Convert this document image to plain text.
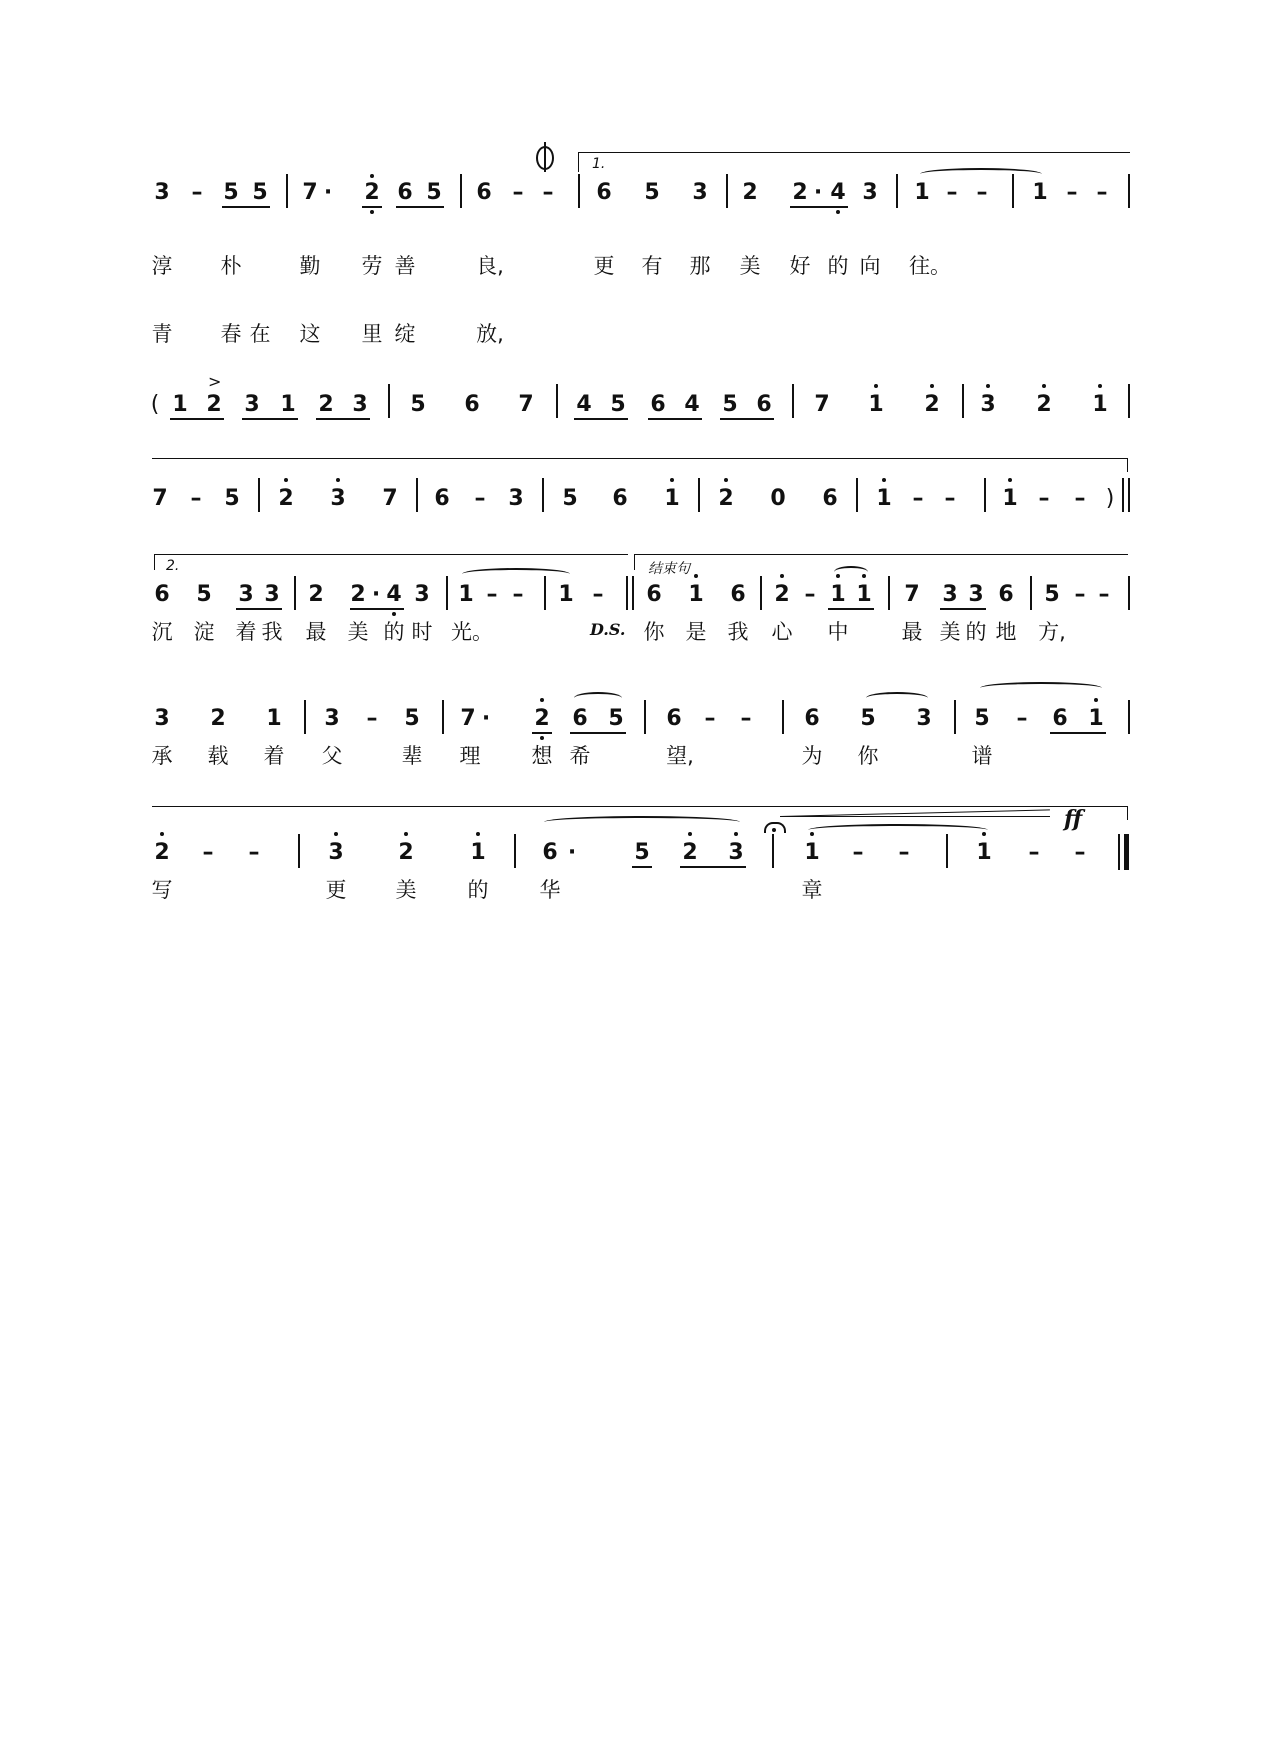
1.
3 – 5 5 7 · 2 6 5 6 – – 6 5 3 2 2 · 4 3 1 – – 1 – –
淳 朴	勤 劳 善	良,	更 有 那 美 好 的 向 往。
青 春 在 这 里 绽	放,
>
( 1 2 3 1 2 3 5 6 7 4 5 6 4 5 6 7 1 2 3 2 1
7 – 5 2 3 7 6 – 3 5 6 1 2 0 6 1 – – 1 – – )
2.	结束句
6 5 3 3 2 2 · 4 3 1 – – 1 – 6 1 6 2 – 1 1 7 3 3 6 5 – –
沉 淀 着 我 最 美 的 时 光。	D.S. 你 是 我 心 中	最 美 的 地 方,
3 2 1 3 – 5 7 · 2 6 5 6 – – 6 5 3 5 – 6 1
承 载 着 父	辈 理 想 希	望,	为 你	谱
ff
2 – –	3 2	1	6 ·	5 2 3	1 – –	1 – –
写	更 美 的 华	章
